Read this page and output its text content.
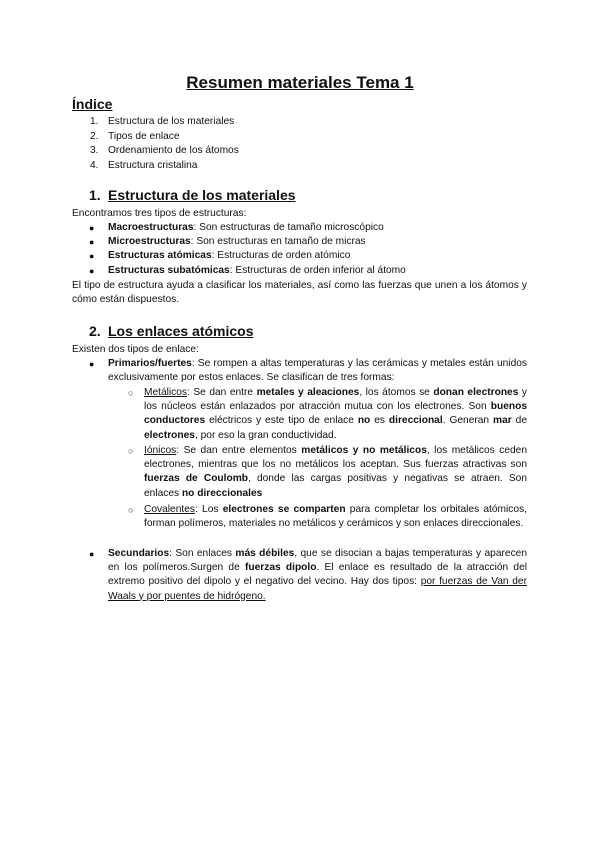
Resumen materiales Tema 1
Índice
1. Estructura de los materiales
2. Tipos de enlace
3. Ordenamiento de los átomos
4. Estructura cristalina
1. Estructura de los materiales
Encontramos tres tipos de estructuras:
●	Macroestructuras: Son estructuras de tamaño microscópico
●	Microestructuras: Son estructuras en tamaño de micras
●	Estructuras atómicas: Estructuras de orden atómico
●	Estructuras subatómicas: Estructuras de orden inferior al átomo
El tipo de estructura ayuda a clasificar los materiales, así como las fuerzas que unen a los átomos y cómo están dispuestos.
2. Los enlaces atómicos
Existen dos tipos de enlace:
●	Primarios/fuertes: Se rompen a altas temperaturas y las cerámicas y metales están unidos exclusivamente por estos enlaces. Se clasifican de tres formas:
○	Metálicos: Se dan entre metales y aleaciones, los átomos se donan electrones y los núcleos están enlazados por atracción mutua con los electrones. Son buenos conductores eléctricos y este tipo de enlace no es direccional. Generan mar de electrones, por eso la gran conductividad.
○	Iónicos: Se dan entre elementos metálicos y no metálicos, los metálicos ceden electrones, mientras que los no metálicos los aceptan. Sus fuerzas atractivas son fuerzas de Coulomb, donde las cargas positivas y negativas se atraen. Son enlaces no direccionales
○	Covalentes: Los electrones se comparten para completar los orbitales atómicos, forman polímeros, materiales no metálicos y cerámicos y son enlaces direccionales.
●	Secundarios: Son enlaces más débiles, que se disocian a bajas temperaturas y aparecen en los polímeros.Surgen de fuerzas dipolo. El enlace es resultado de la atracción del extremo positivo del dipolo y el negativo del vecino. Hay dos tipos: por fuerzas de Van der Waals y por puentes de hidrógeno.
